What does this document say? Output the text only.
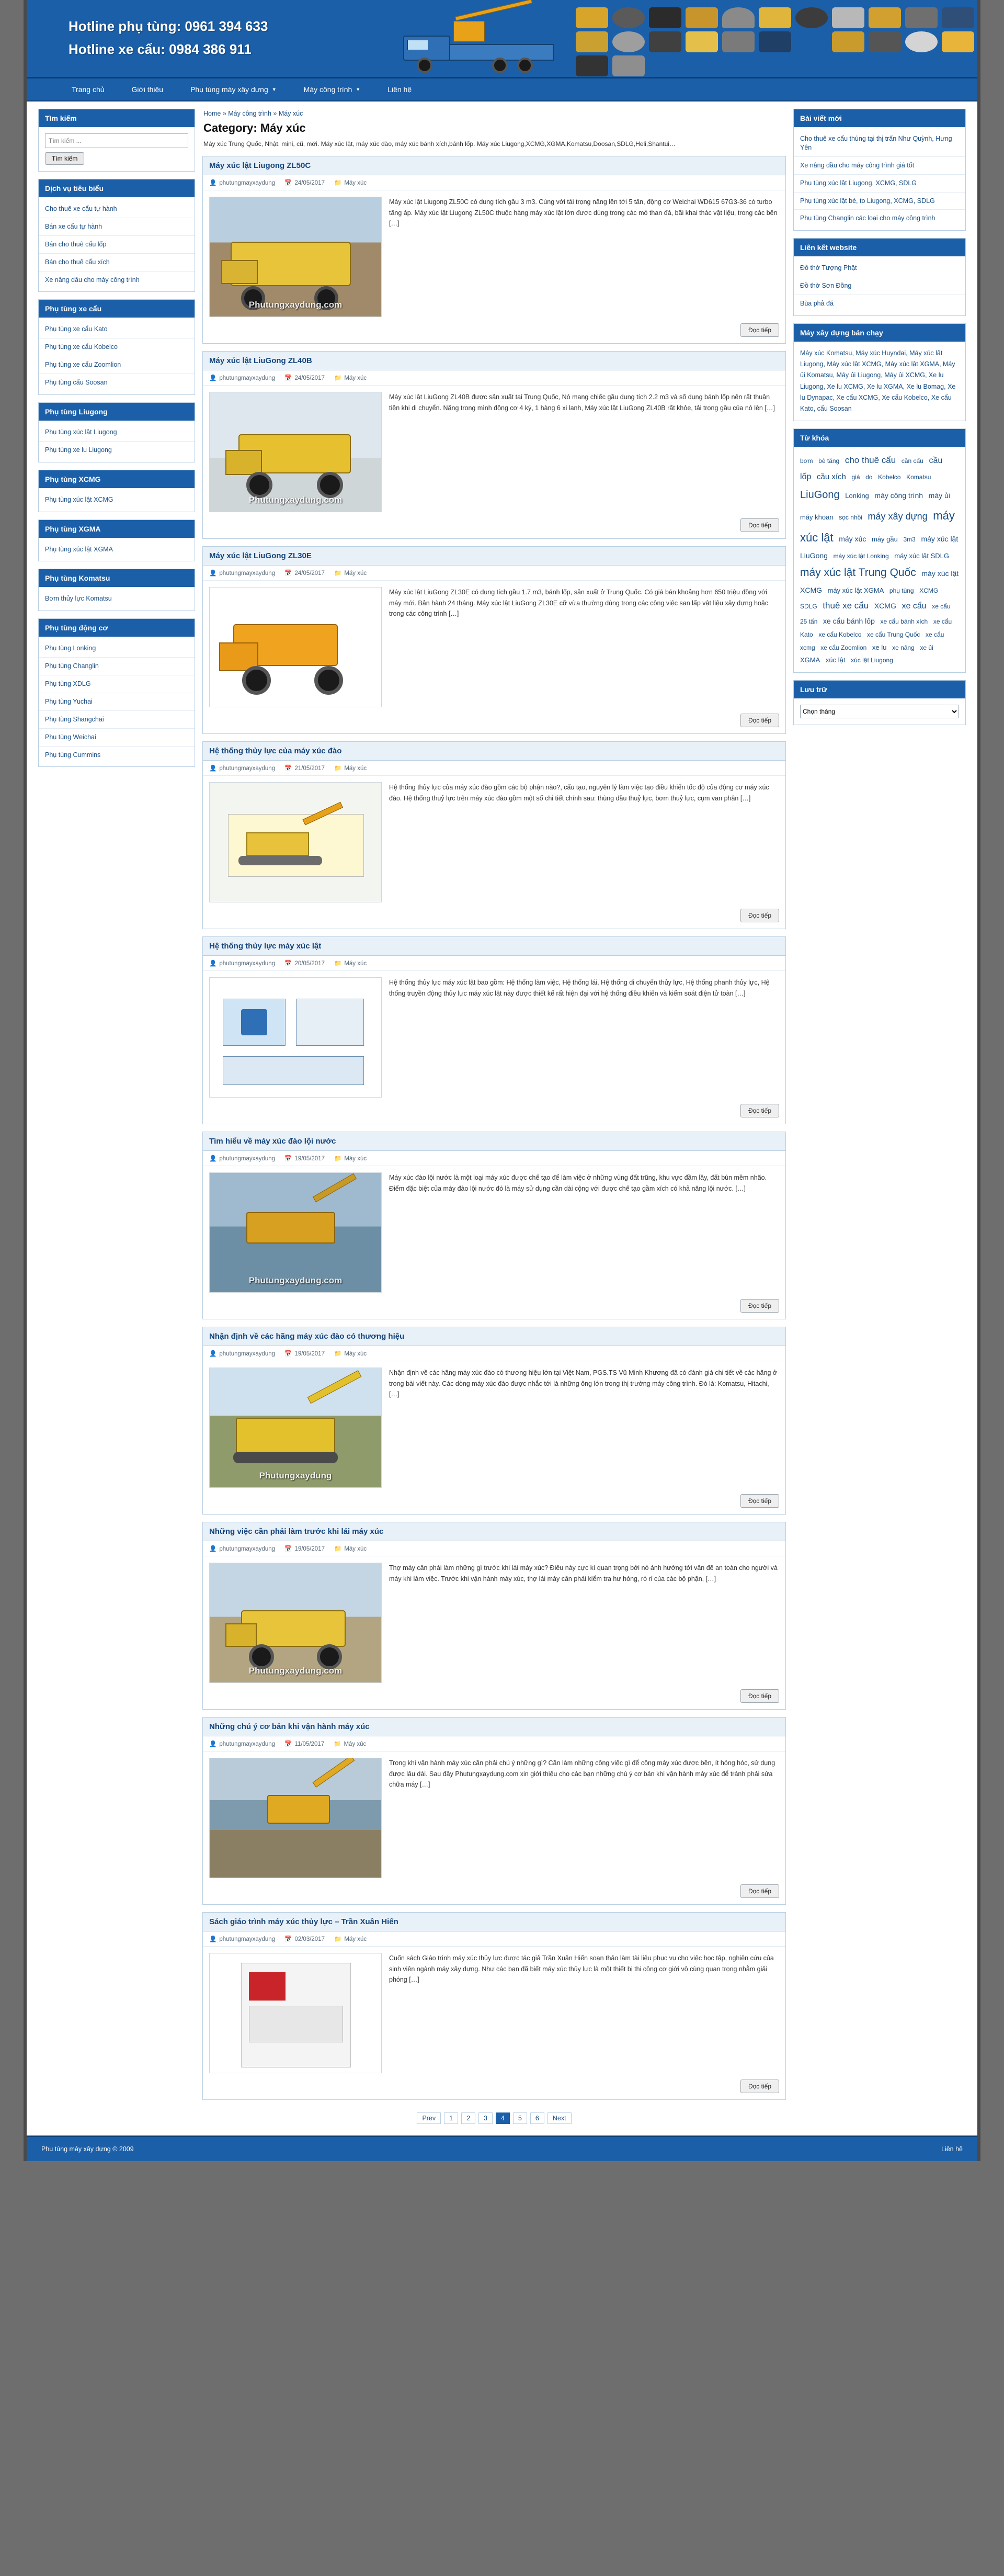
Hotline phụ tùng: 0961 394 633
Hotline xe cẩu: 0984 386 911
Trang chủ	Giới thiệu	Phụ tùng máy xây dựng ▼	Máy công trình ▼	Liên hệ
Tìm kiếm
Tìm kiếm ...
Tìm kiếm
Dịch vụ tiêu biểu
Cho thuê xe cẩu tự hành
Bán xe cẩu tự hành
Bán cho thuê cẩu lốp
Bán cho thuê cẩu xích
Xe nâng dầu cho máy công trình
Phụ tùng xe cẩu
Phụ tùng xe cẩu Kato
Phụ tùng xe cẩu Kobelco
Phụ tùng xe cẩu Zoomlion
Phụ tùng cẩu Soosan
Phụ tùng Liugong
Phụ tùng xúc lật Liugong
Phụ tùng xe lu Liugong
Phụ tùng XCMG
Phụ tùng xúc lật XCMG
Phụ tùng XGMA
Phụ tùng xúc lật XGMA
Phụ tùng Komatsu
Bơm thủy lực Komatsu
Phụ tùng động cơ
Phụ tùng Lonking
Phụ tùng Changlin
Phụ tùng XDLG
Phụ tùng Yuchai
Phụ tùng Shangchai
Phụ tùng Weichai
Phụ tùng Cummins
Home » Máy công trình » Máy xúc
Category: Máy xúc
Máy xúc Trung Quốc, Nhật, mini, cũ, mới. Máy xúc lật, máy xúc đào, máy xúc bánh xích,bánh lốp. Máy xúc Liugong,XCMG,XGMA,Komatsu,Doosan,SDLG,Heli,Shantui…
Máy xúc lật Liugong ZL50C
👤 phutungmayxaydung 📅 24/05/2017 📁 Máy xúc
Phutungxaydung.com
Máy xúc lật Liugong ZL50C có dung tích gầu 3 m3. Cùng với tải trọng nâng lên tới 5 tấn, động cơ Weichai WD615 67G3-36 có turbo tăng áp. Máy xúc lật Liugong ZL50C thuộc hàng máy xúc lật lớn được dùng trong các mỏ than đá, bãi khai thác vật liệu, trong các bến […]
Đọc tiếp
Máy xúc lật LiuGong ZL40B
👤 phutungmayxaydung 📅 24/05/2017 📁 Máy xúc
Phutungxaydung.com
Máy xúc lật LiuGong ZL40B được sản xuất tại Trung Quốc, Nó mang chiếc gầu dung tích 2.2 m3 và số dụng bánh lốp nên rất thuận tiện khi di chuyển. Nặng trong mình động cơ 4 ký, 1 hàng 6 xi lanh, Máy xúc lật LiuGong ZL40B rất khỏe, tải trọng gầu của nó lên […]
Đọc tiếp
Máy xúc lật LiuGong ZL30E
👤 phutungmayxaydung 📅 24/05/2017 📁 Máy xúc
Máy xúc lật LiuGong ZL30E có dung tích gầu 1.7 m3, bánh lốp, sản xuất ở Trung Quốc. Có giá bán khoảng hơn 650 triệu đồng với máy mới. Bản hành 24 tháng. Máy xúc lật LiuGong ZL30E cỡ vừa thường dùng trong các công việc san lấp vật liệu xây dựng hoặc trong các công trình […]
Đọc tiếp
Hệ thống thủy lực của máy xúc đào
👤 phutungmayxaydung 📅 21/05/2017 📁 Máy xúc
Hệ thống thủy lực của máy xúc đào gồm các bộ phận nào?, cấu tạo, nguyên lý làm việc tạo điều khiển tốc độ của động cơ máy xúc đào. Hệ thống thuỷ lực trên máy xúc đào gồm một số chi tiết chính sau: thùng dầu thuỷ lực, bơm thuỷ lực, cụm van phân […]
Đọc tiếp
Hệ thống thủy lực máy xúc lật
👤 phutungmayxaydung 📅 20/05/2017 📁 Máy xúc
Hệ thống thủy lực máy xúc lật bao gồm: Hệ thống làm việc, Hệ thống lái, Hệ thống di chuyển thủy lực, Hệ thống phanh thủy lực, Hệ thống truyền động thủy lực máy xúc lật này được thiết kế rất hiện đại với hệ thống điều khiển và kiểm soát điện tử toàn […]
Đọc tiếp
Tìm hiểu về máy xúc đào lội nước
👤 phutungmayxaydung 📅 19/05/2017 📁 Máy xúc
Phutungxaydung.com
Máy xúc đào lội nước là một loại máy xúc được chế tạo để làm việc ở những vùng đất trũng, khu vực đầm lầy, đất bùn mềm nhão. Điểm đặc biệt của máy đào lội nước đó là máy sử dụng cần dài cộng với được chế tạo gầm xích có khả năng lội nước. […]
Đọc tiếp
Nhận định về các hãng máy xúc đào có thương hiệu
👤 phutungmayxaydung 📅 19/05/2017 📁 Máy xúc
Phutungxaydung
Nhận định về các hãng máy xúc đào có thương hiệu lớn tại Việt Nam, PGS.TS Vũ Minh Khương đã có đánh giá chi tiết về các hãng ở trong bài viết này. Các dòng máy xúc đào được nhắc tới là những ông lớn trong thị trường máy công trình. Đó là: Komatsu, Hitachi, […]
Đọc tiếp
Những việc cần phải làm trước khi lái máy xúc
👤 phutungmayxaydung 📅 19/05/2017 📁 Máy xúc
Phutungxaydung.com
Thợ máy cần phải làm những gì trước khi lái máy xúc? Điều này cực kì quan trọng bởi nó ảnh hưởng tới vấn đề an toàn cho người và máy khi làm việc. Trước khi vận hành máy xúc, thợ lái máy cần phải kiểm tra hư hỏng, rò rỉ của các bộ phận, […]
Đọc tiếp
Những chú ý cơ bản khi vận hành máy xúc
👤 phutungmayxaydung 📅 11/05/2017 📁 Máy xúc
Trong khi vận hành máy xúc cần phải chú ý những gì? Cần làm những công việc gì để công máy xúc được bền, ít hỏng hóc, sử dụng được lâu dài. Sau đây Phutungxaydung.com xin giới thiệu cho các bạn những chú ý cơ bản khi vận hành máy xúc để tránh phải sửa chữa máy […]
Đọc tiếp
Sách giáo trình máy xúc thủy lực – Trần Xuân Hiến
👤 phutungmayxaydung 📅 02/03/2017 📁 Máy xúc
Cuốn sách Giáo trình máy xúc thủy lực được tác giả Trần Xuân Hiến soạn thảo làm tài liệu phục vụ cho việc học tập, nghiên cứu của sinh viên ngành máy xây dựng. Như các bạn đã biết máy xúc thủy lực là một thiết bị thi công cơ giới vô cùng quan trọng nhằm giải phóng […]
Đọc tiếp
Prev	1	2	3	4	5	6	Next
Bài viết mới
Cho thuê xe cẩu thùng tại thị trấn Như Quỳnh, Hưng Yên
Xe nâng dầu cho máy công trình giá tốt
Phụ tùng xúc lật Liugong, XCMG, SDLG
Phụ tùng xúc lật bé, to Liugong, XCMG, SDLG
Phụ tùng Changlin các loại cho máy công trình
Liên kết website
Đồ thờ Tượng Phật
Đồ thờ Sơn Đồng
Bùa phả đá
Máy xây dựng bán chạy
Máy xúc Komatsu, Máy xúc Huyndai, Máy xúc lật Liugong, Máy xúc lật XCMG, Máy xúc lật XGMA, Máy ủi Komatsu, Máy ủi Liugong, Máy ủi XCMG, Xe lu Liugong, Xe lu XCMG, Xe lu XGMA, Xe lu Bomag, Xe lu Dynapac, Xe cẩu XCMG, Xe cẩu Kobelco, Xe cẩu Kato, cẩu Soosan
Từ khóa
bơm bê tăng cho thuê cẩu cần cẩu cầu lốp cầu xích giá do Kobelco Komatsu LiuGong Lonking máy công trình máy ủi máy khoan sọc nhồi máy xây dựng máy xúc lật máy xúc máy gầu 3m3 máy xúc lật LiuGong máy xúc lật Lonking máy xúc lật SDLG máy xúc lật Trung Quốc máy xúc lật XCMG máy xúc lật XGMA phụ tùng XCMG SDLG thuê xe cẩu XCMG xe cẩu xe cẩu 25 tấn xe cẩu bánh lốp xe cẩu bánh xích xe cẩu Kato xe cẩu Kobelco xe cẩu Trung Quốc xe cẩu xcmg xe cẩu Zoomlion xe lu xe nâng xe ủi XGMA xúc lật xúc lật Liugong
Lưu trữ
Chọn tháng
Phụ tùng máy xây dựng © 2009	Liên hệ
